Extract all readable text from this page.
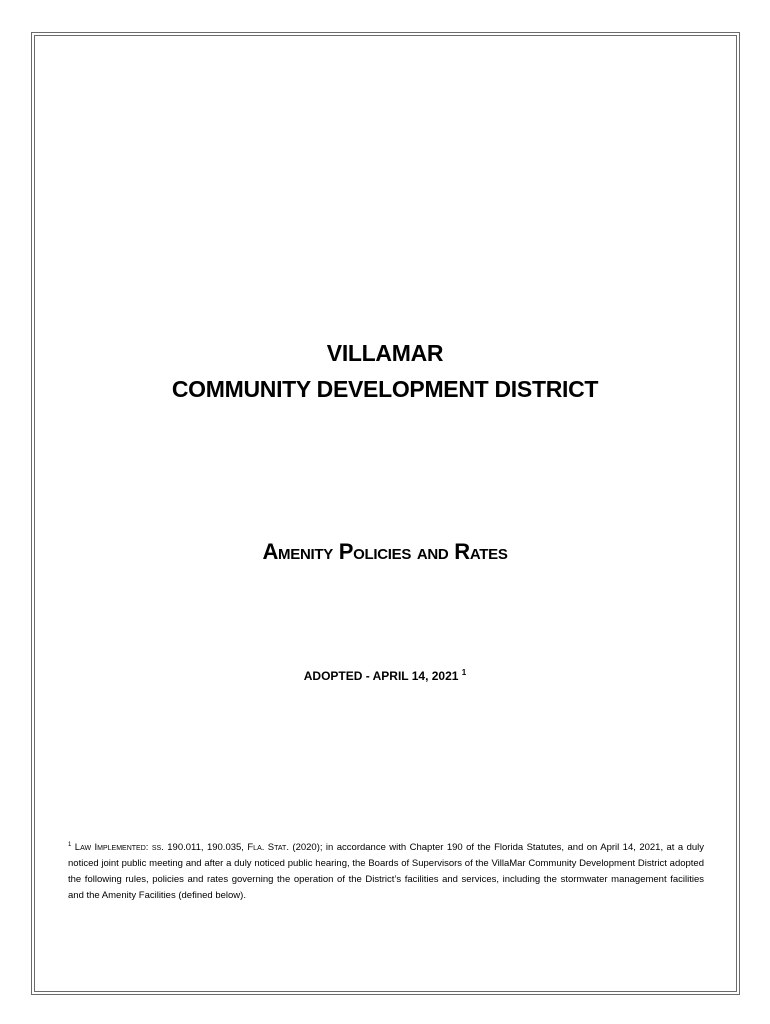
VILLAMAR
COMMUNITY DEVELOPMENT DISTRICT
Amenity Policies and Rates
ADOPTED - APRIL 14, 2021 $^1$
$^1$ Law Implemented: ss. 190.011, 190.035, Fla. Stat. (2020); in accordance with Chapter 190 of the Florida Statutes, and on April 14, 2021, at a duly noticed joint public meeting and after a duly noticed public hearing, the Boards of Supervisors of the VillaMar Community Development District adopted the following rules, policies and rates governing the operation of the District’s facilities and services, including the stormwater management facilities and the Amenity Facilities (defined below).
